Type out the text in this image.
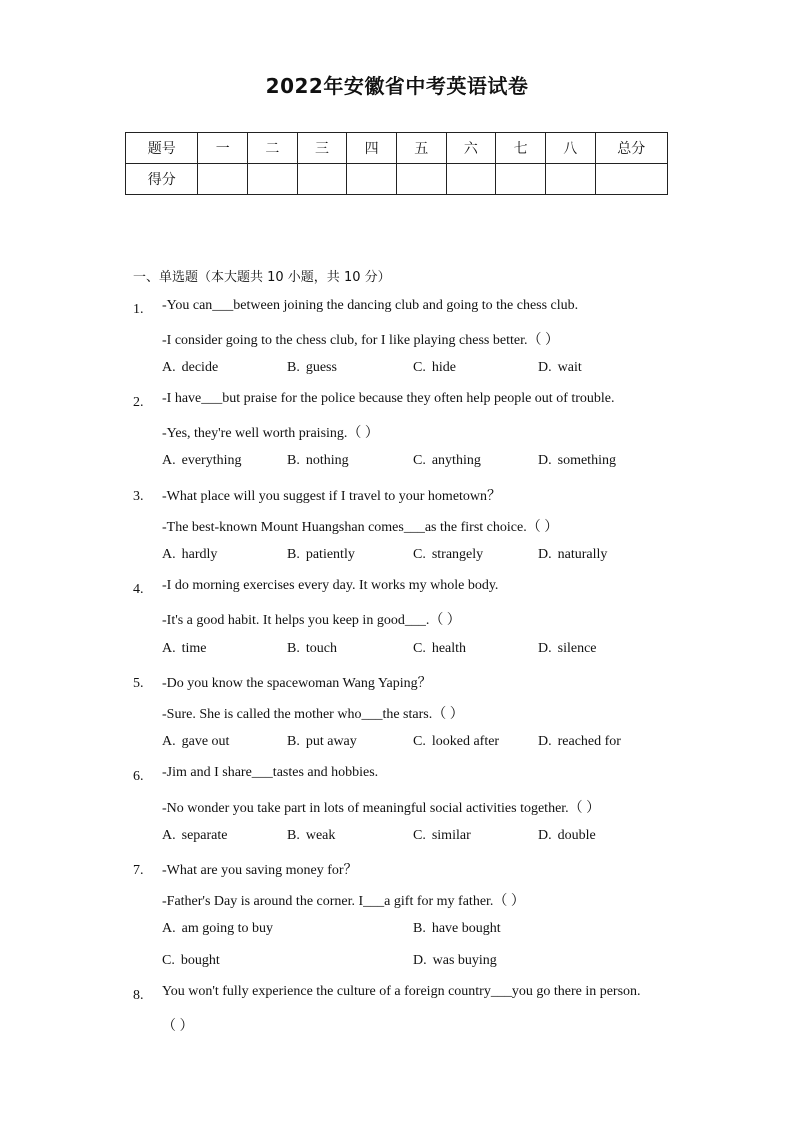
2022年安徽省中考英语试卷
题号	一	二	三	四	五	六	七	八	总分
得分									
一、单选题（本大题共 10 小题，共 10 分）
1. -You can___between joining the dancing club and going to the chess club.
-I consider going to the chess club, for I like playing chess better.（ ）
A. decide	B. guess	C. hide	D. wait
2. -I have___but praise for the police because they often help people out of trouble.
-Yes, they're well worth praising.（ ）
A. everything	B. nothing	C. anything	D. something
3. -What place will you suggest if I travel to your hometown？
-The best-known Mount Huangshan comes___as the first choice.（ ）
A. hardly	B. patiently	C. strangely	D. naturally
4. -I do morning exercises every day. It works my whole body.
-It's a good habit. It helps you keep in good___.（ ）
A. time	B. touch	C. health	D. silence
5. -Do you know the spacewoman Wang Yaping？
-Sure. She is called the mother who___the stars.（ ）
A. gave out	B. put away	C. looked after	D. reached for
6. -Jim and I share___tastes and hobbies.
-No wonder you take part in lots of meaningful social activities together.（ ）
A. separate	B. weak	C. similar	D. double
7. -What are you saving money for？
-Father's Day is around the corner. I___a gift for my father.（ ）
A. am going to buy	B. have bought
C. bought	D. was buying
8. You won't fully experience the culture of a foreign country___you go there in person.
（ ）
